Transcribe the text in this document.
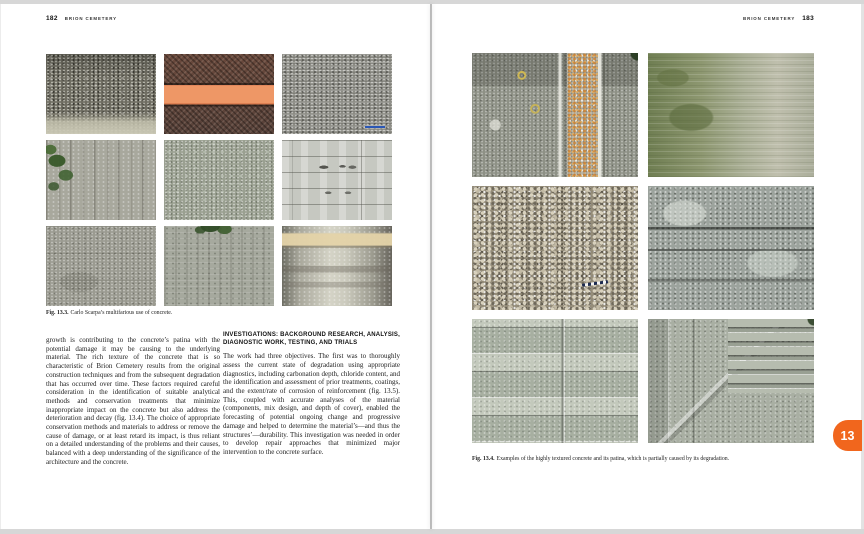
182 BRION CEMETERY	BRION CEMETERY 183
Fig. 13.3. Carlo Scarpa’s multifarious use of concrete.
growth is contributing to the concrete’s patina with the potential damage it may be causing to the underlying material. The rich texture of the concrete that is so characteristic of Brion Cemetery results from the original construction techniques and from the subsequent degradation that has occurred over time. These factors required careful consideration in the identification of suitable analytical methods and conservation treatments that minimize inappropriate impact on the concrete but also address the deterioration and decay (fig. 13.4). The choice of appropriate conservation methods and materials to address or remove the cause of damage, or at least retard its impact, is thus reliant on a detailed understanding of the problems and their causes, balanced with a deep understanding of the significance of the architecture and the concrete.
INVESTIGATIONS: BACKGROUND RESEARCH, ANALYSIS, DIAGNOSTIC WORK, TESTING, AND TRIALS

The work had three objectives. The first was to thoroughly assess the current state of degradation using appropriate diagnostics, including carbonation depth, chloride content, and the identification and assessment of prior treatments, coatings, and the extent/rate of corrosion of reinforcement (fig. 13.5). This, coupled with accurate analyses of the material (components, mix design, and depth of cover), enabled the forecasting of potential ongoing change and progressive damage and helped to determine the material’s—and thus the structures’—durability. This investigation was needed in order to develop repair approaches that minimized major intervention to the concrete surface.

Fig. 13.4. Examples of the highly textured concrete and its patina, which is partially caused by its degradation.
13
